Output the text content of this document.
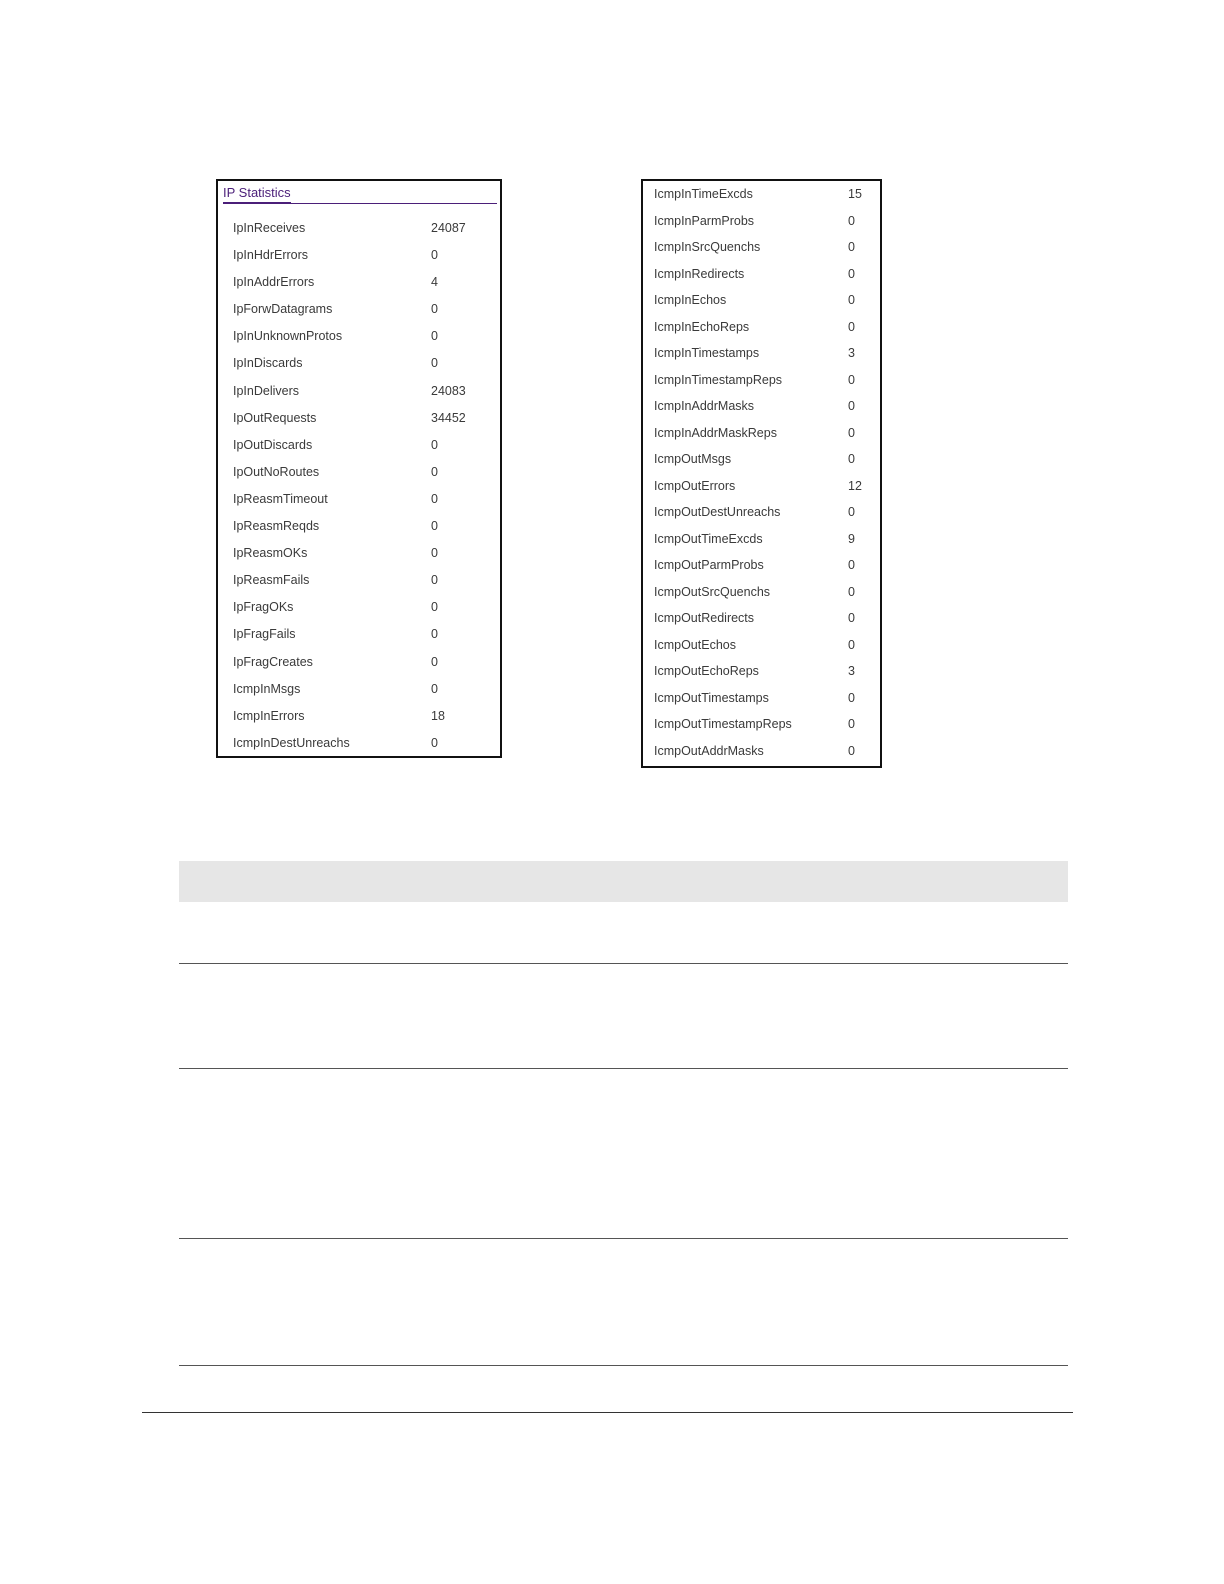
IP Statistics
IpInReceives	24087
IpInHdrErrors	0
IpInAddrErrors	4
IpForwDatagrams	0
IpInUnknownProtos	0
IpInDiscards	0
IpInDelivers	24083
IpOutRequests	34452
IpOutDiscards	0
IpOutNoRoutes	0
IpReasmTimeout	0
IpReasmReqds	0
IpReasmOKs	0
IpReasmFails	0
IpFragOKs	0
IpFragFails	0
IpFragCreates	0
IcmpInMsgs	0
IcmpInErrors	18
IcmpInDestUnreachs	0
IcmpInTimeExcds	15
IcmpInParmProbs	0
IcmpInSrcQuenchs	0
IcmpInRedirects	0
IcmpInEchos	0
IcmpInEchoReps	0
IcmpInTimestamps	3
IcmpInTimestampReps	0
IcmpInAddrMasks	0
IcmpInAddrMaskReps	0
IcmpOutMsgs	0
IcmpOutErrors	12
IcmpOutDestUnreachs	0
IcmpOutTimeExcds	9
IcmpOutParmProbs	0
IcmpOutSrcQuenchs	0
IcmpOutRedirects	0
IcmpOutEchos	0
IcmpOutEchoReps	3
IcmpOutTimestamps	0
IcmpOutTimestampReps	0
IcmpOutAddrMasks	0
